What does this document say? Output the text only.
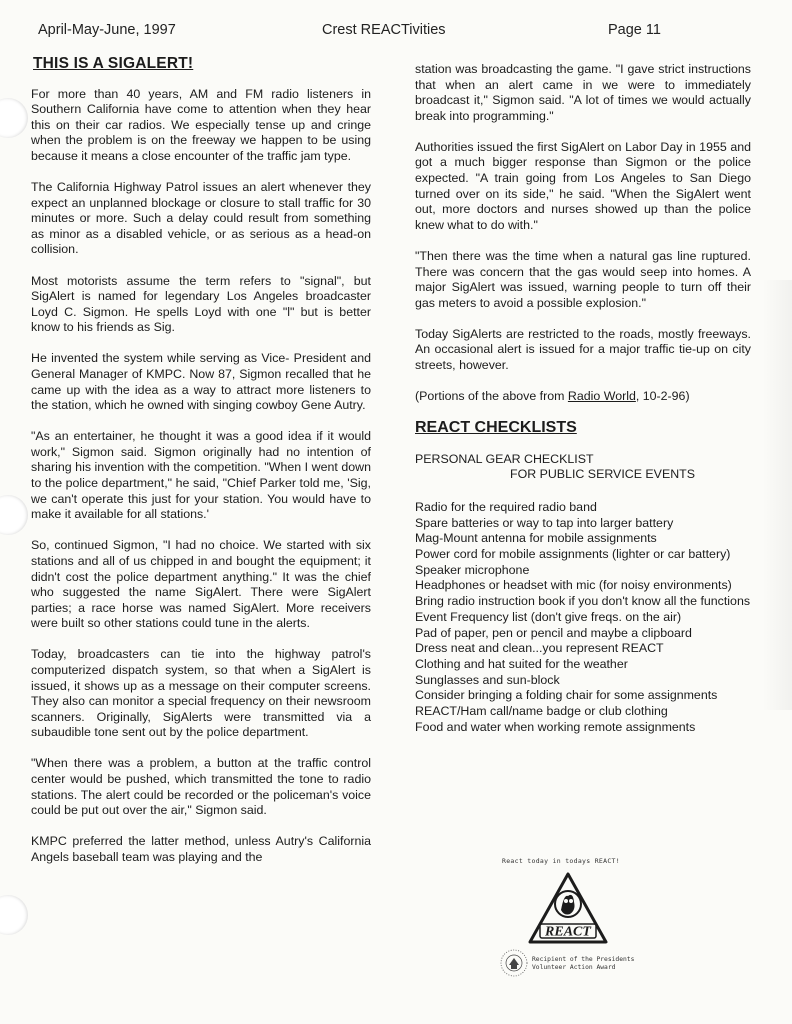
April-May-June, 1997	Crest REACTivities	Page 11
THIS IS A SIGALERT!

For more than 40 years, AM and FM radio listeners in Southern California have come to attention when they hear this on their car radios. We especially tense up and cringe when the problem is on the freeway we happen to be using because it means a close encounter of the traffic jam type.

The California Highway Patrol issues an alert whenever they expect an unplanned blockage or closure to stall traffic for 30 minutes or more. Such a delay could result from something as minor as a disabled vehicle, or as serious as a head-on collision.

Most motorists assume the term refers to "signal", but SigAlert is named for legendary Los Angeles broadcaster Loyd C. Sigmon. He spells Loyd with one "l" but is better know to his friends as Sig.

He invented the system while serving as Vice- President and General Manager of KMPC. Now 87, Sigmon recalled that he came up with the idea as a way to attract more listeners to the station, which he owned with singing cowboy Gene Autry.

"As an entertainer, he thought it was a good idea if it would work," Sigmon said. Sigmon originally had no intention of sharing his invention with the competition. "When I went down to the police department," he said, "Chief Parker told me, 'Sig, we can't operate this just for your station. You would have to make it available for all stations.'

So, continued Sigmon, "I had no choice. We started with six stations and all of us chipped in and bought the equipment; it didn't cost the police department anything." It was the chief who suggested the name SigAlert. There were SigAlert parties; a race horse was named SigAlert. More receivers were built so other stations could tune in the alerts.

Today, broadcasters can tie into the highway patrol's computerized dispatch system, so that when a SigAlert is issued, it shows up as a message on their computer screens. They also can monitor a special frequency on their newsroom scanners. Originally, SigAlerts were transmitted via a subaudible tone sent out by the police department.

"When there was a problem, a button at the traffic control center would be pushed, which transmitted the tone to radio stations. The alert could be recorded or the policeman's voice could be put out over the air," Sigmon said.

KMPC preferred the latter method, unless Autry's California Angels baseball team was playing and the

station was broadcasting the game. "I gave strict instructions that when an alert came in we were to immediately broadcast it," Sigmon said. "A lot of times we would actually break into programming."

Authorities issued the first SigAlert on Labor Day in 1955 and got a much bigger response than Sigmon or the police expected. "A train going from Los Angeles to San Diego turned over on its side," he said. "When the SigAlert went out, more doctors and nurses showed up than the police knew what to do with."

"Then there was the time when a natural gas line ruptured. There was concern that the gas would seep into homes. A major SigAlert was issued, warning people to turn off their gas meters to avoid a possible explosion."

Today SigAlerts are restricted to the roads, mostly freeways. An occasional alert is issued for a major traffic tie-up on city streets, however.

(Portions of the above from Radio World, 10-2-96)

REACT CHECKLISTS
PERSONAL GEAR CHECKLIST
FOR PUBLIC SERVICE EVENTS
Radio for the required radio band
Spare batteries or way to tap into larger battery
Mag-Mount antenna for mobile assignments
Power cord for mobile assignments (lighter or car battery)
Speaker microphone
Headphones or headset with mic (for noisy environments)
Bring radio instruction book if you don't know all the functions
Event Frequency list (don't give freqs. on the air)
Pad of paper, pen or pencil and maybe a clipboard
Dress neat and clean...you represent REACT
Clothing and hat suited for the weather
Sunglasses and sun-block
Consider bringing a folding chair for some assignments
REACT/Ham call/name badge or club clothing
Food and water when working remote assignments
React today in todays REACT!
REACT
Recipient of the Presidents
Volunteer Action Award
